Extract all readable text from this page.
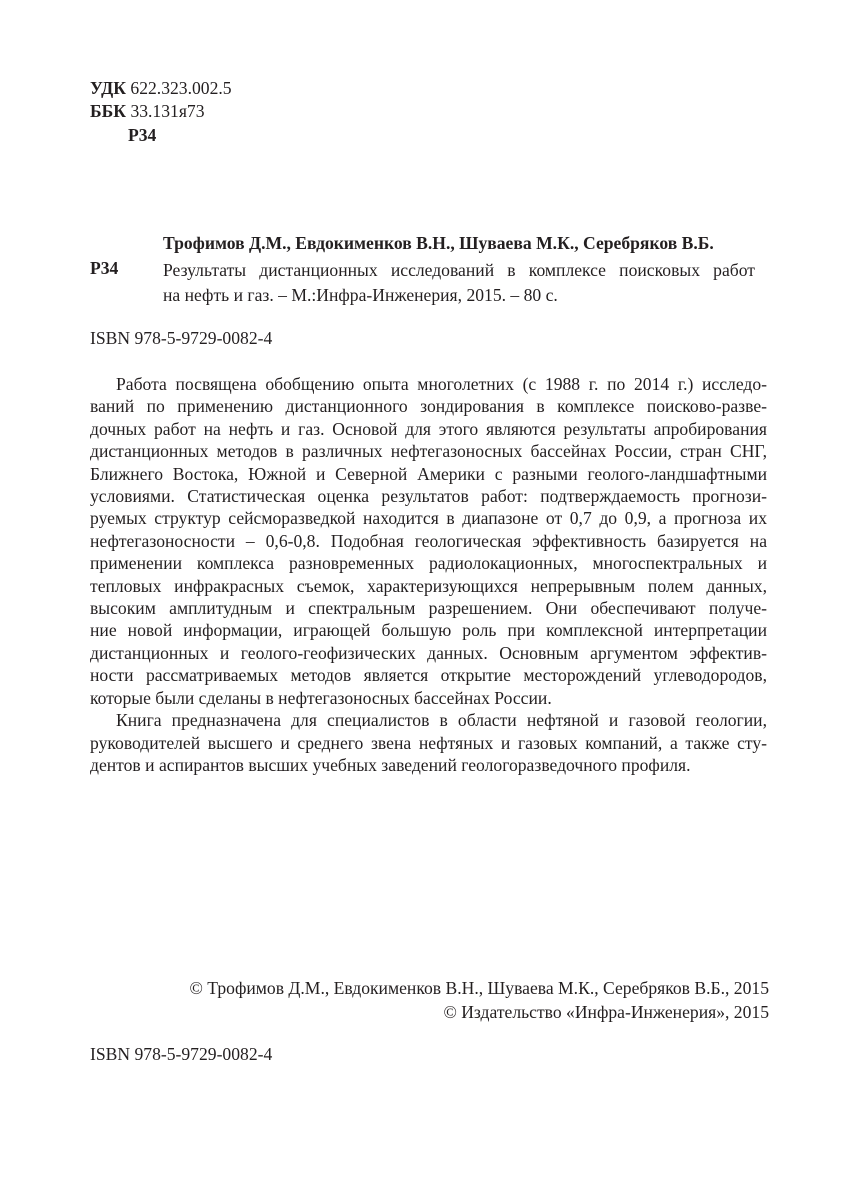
УДК 622.323.002.5
ББК 33.131я73
Р34
Трофимов Д.М., Евдокименков В.Н., Шуваева М.К., Серебряков В.Б.
Р34	Результаты дистанционных исследований в комплексе поисковых работ
на нефть и газ. – М.:Инфра-Инженерия, 2015. – 80 с.
ISBN 978-5-9729-0082-4
Работа посвящена обобщению опыта многолетних (с 1988 г. по 2014 г.) исследо-
ваний по применению дистанционного зондирования в комплексе поисково-разве-
дочных работ на нефть и газ. Основой для этого являются результаты апробирования
дистанционных методов в различных нефтегазоносных бассейнах России, стран СНГ,
Ближнего Востока, Южной и Северной Америки с разными геолого-ландшафтными
условиями. Статистическая оценка результатов работ: подтверждаемость прогнози-
руемых структур сейсморазведкой находится в диапазоне от 0,7 до 0,9, а прогноза их
нефтегазоносности – 0,6-0,8. Подобная геологическая эффективность базируется на
применении комплекса разновременных радиолокационных, многоспектральных и
тепловых инфракрасных съемок, характеризующихся непрерывным полем данных,
высоким амплитудным и спектральным разрешением. Они обеспечивают получе-
ние новой информации, играющей большую роль при комплексной интерпретации
дистанционных и геолого-геофизических данных. Основным аргументом эффектив-
ности рассматриваемых методов является открытие месторождений углеводородов,
которые были сделаны в нефтегазоносных бассейнах России.
Книга предназначена для специалистов в области нефтяной и газовой геологии,
руководителей высшего и среднего звена нефтяных и газовых компаний, а также сту-
дентов и аспирантов высших учебных заведений геологоразведочного профиля.
© Трофимов Д.М., Евдокименков В.Н., Шуваева М.К., Серебряков В.Б., 2015
© Издательство «Инфра-Инженерия», 2015
ISBN 978-5-9729-0082-4
